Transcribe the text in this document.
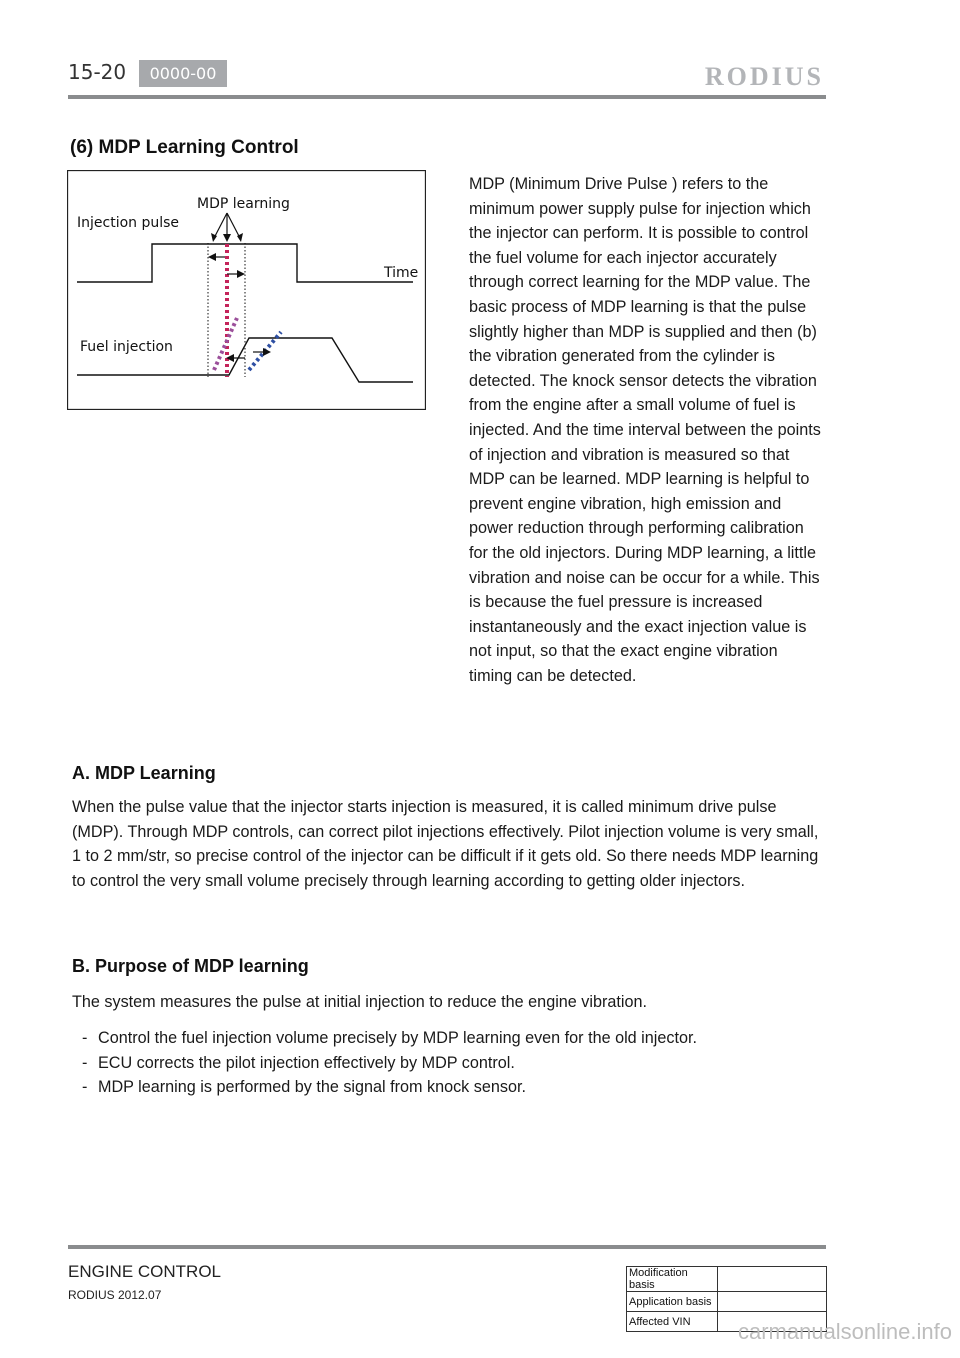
15-20	0000-00	RODIUS
(6) MDP Learning Control
Injection pulse
MDP learning
Time
Fuel injection
MDP (Minimum Drive Pulse ) refers to the
minimum power supply pulse for injection which
the injector can perform. It is possible to control
the fuel volume for each injector accurately
through correct learning for the MDP value. The
basic process of MDP learning is that the pulse
slightly higher than MDP is supplied and then (b)
the vibration generated from the cylinder is
detected. The knock sensor detects the vibration
from the engine after a small volume of fuel is
injected. And the time interval between the points
of injection and vibration is measured so that
MDP can be learned. MDP learning is helpful to
prevent engine vibration, high emission and
power reduction through performing calibration
for the old injectors. During MDP learning, a little
vibration and noise can be occur for a while. This
is because the fuel pressure is increased
instantaneously and the exact injection value is
not input, so that the exact engine vibration
timing can be detected.
A. MDP Learning
When the pulse value that the injector starts injection is measured, it is called minimum drive pulse
(MDP). Through MDP controls, can correct pilot injections effectively. Pilot injection volume is very small,
1 to 2 mm/str, so precise control of the injector can be difficult if it gets old. So there needs MDP learning
to control the very small volume precisely through learning according to getting older injectors.
B. Purpose of MDP learning
The system measures the pulse at initial injection to reduce the engine vibration.
- Control the fuel injection volume precisely by MDP learning even for the old injector.
- ECU corrects the pilot injection effectively by MDP control.
- MDP learning is performed by the signal from knock sensor.
ENGINE CONTROL
RODIUS 2012.07
Modification basis	
Application basis	
Affected VIN	carmanualsonline.info
